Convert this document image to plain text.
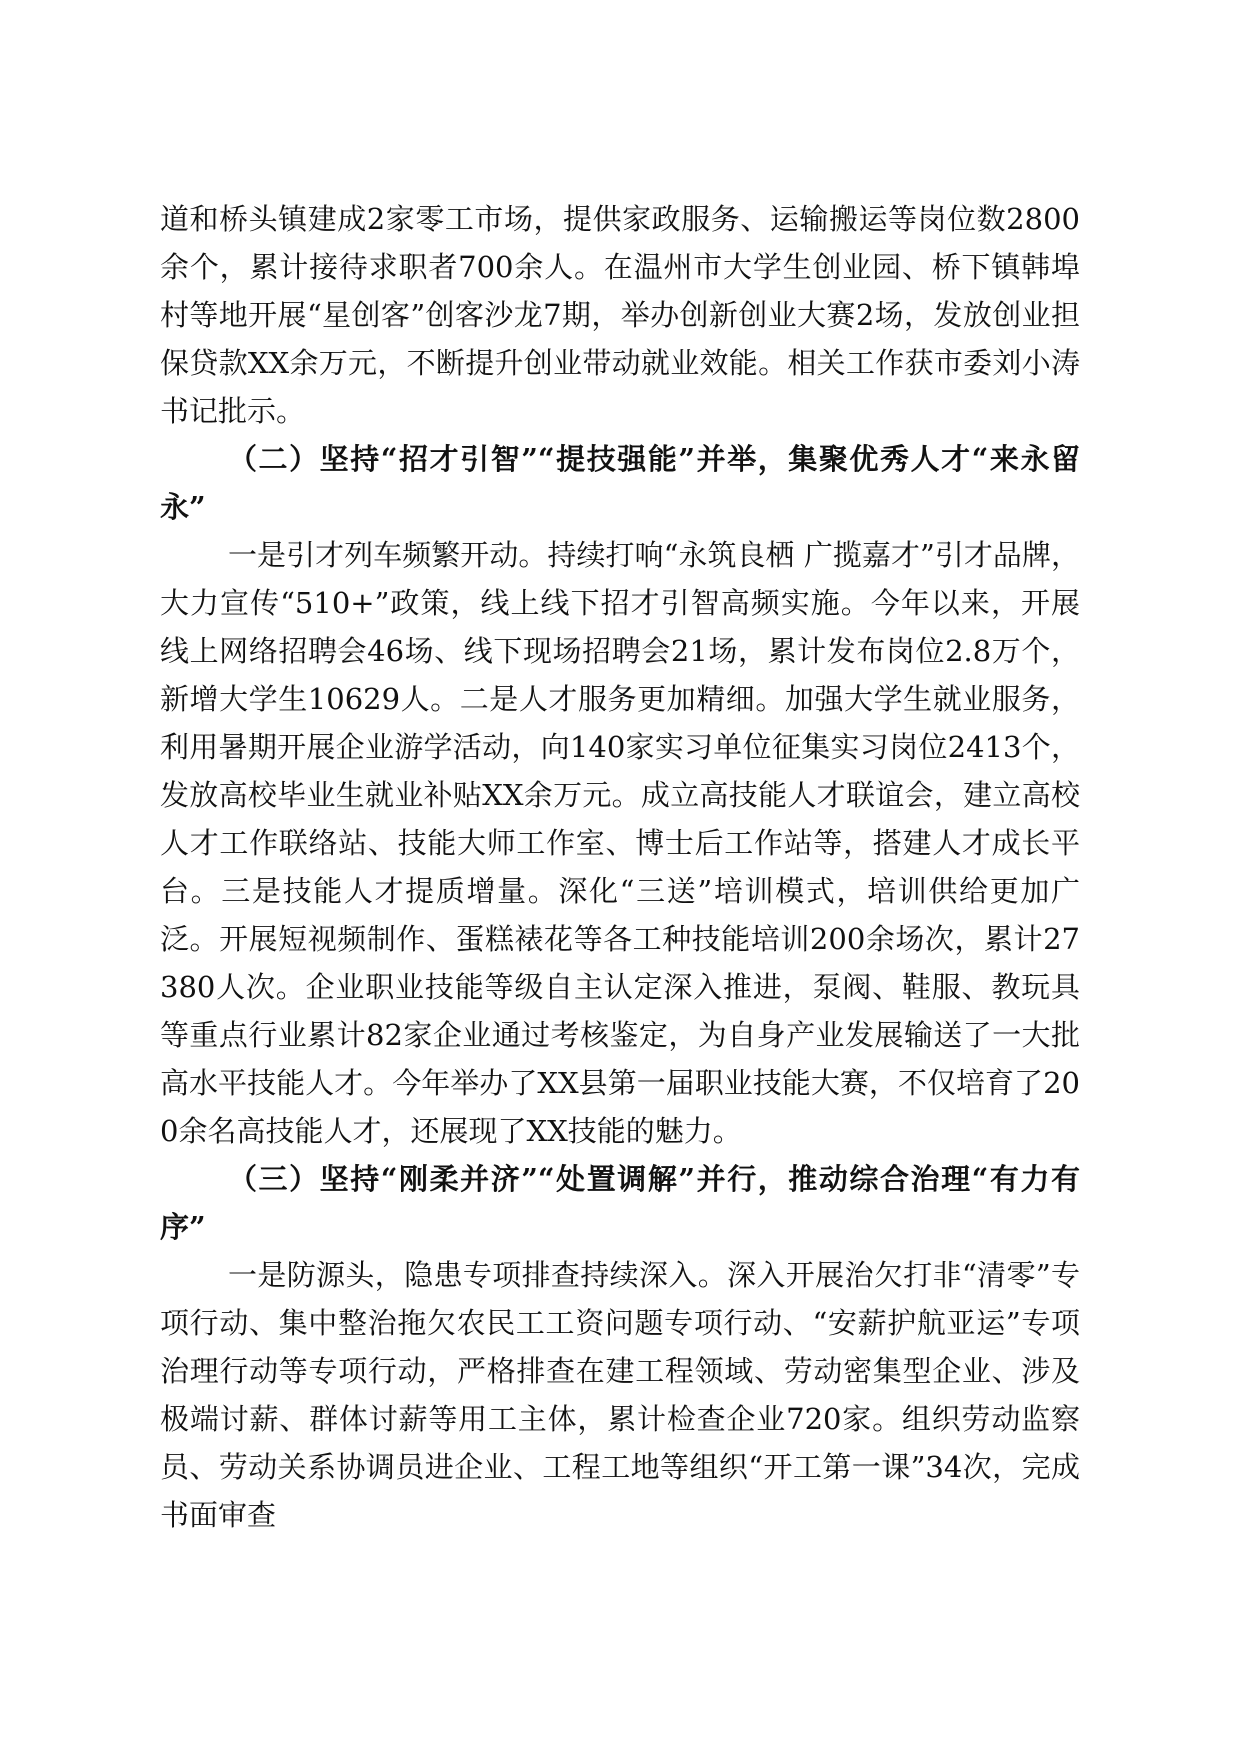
道和桥头镇建成2家零工市场，提供家政服务、运输搬运等岗位数2800余个，累计接待求职者700余人。在温州市大学生创业园、桥下镇韩埠村等地开展“星创客”创客沙龙7期，举办创新创业大赛2场，发放创业担保贷款XX余万元，不断提升创业带动就业效能。相关工作获市委刘小涛书记批示。

（二）坚持“招才引智”“提技强能”并举，集聚优秀人才“来永留永”

一是引才列车频繁开动。持续打响“永筑良栖 广揽嘉才”引才品牌，大力宣传“510+”政策，线上线下招才引智高频实施。今年以来，开展线上网络招聘会46场、线下现场招聘会21场，累计发布岗位2.8万个，新增大学生10629人。二是人才服务更加精细。加强大学生就业服务，利用暑期开展企业游学活动，向140家实习单位征集实习岗位2413个，发放高校毕业生就业补贴XX余万元。成立高技能人才联谊会，建立高校人才工作联络站、技能大师工作室、博士后工作站等，搭建人才成长平台。三是技能人才提质增量。深化“三送”培训模式，培训供给更加广泛。开展短视频制作、蛋糕裱花等各工种技能培训200余场次，累计27380人次。企业职业技能等级自主认定深入推进，泵阀、鞋服、教玩具等重点行业累计82家企业通过考核鉴定，为自身产业发展输送了一大批高水平技能人才。今年举办了XX县第一届职业技能大赛，不仅培育了200余名高技能人才，还展现了XX技能的魅力。

（三）坚持“刚柔并济”“处置调解”并行，推动综合治理“有力有序”

一是防源头，隐患专项排查持续深入。深入开展治欠打非“清零”专项行动、集中整治拖欠农民工工资问题专项行动、“安薪护航亚运”专项治理行动等专项行动，严格排查在建工程领域、劳动密集型企业、涉及极端讨薪、群体讨薪等用工主体，累计检查企业720家。组织劳动监察员、劳动关系协调员进企业、工程工地等组织“开工第一课”34次，完成书面审查
